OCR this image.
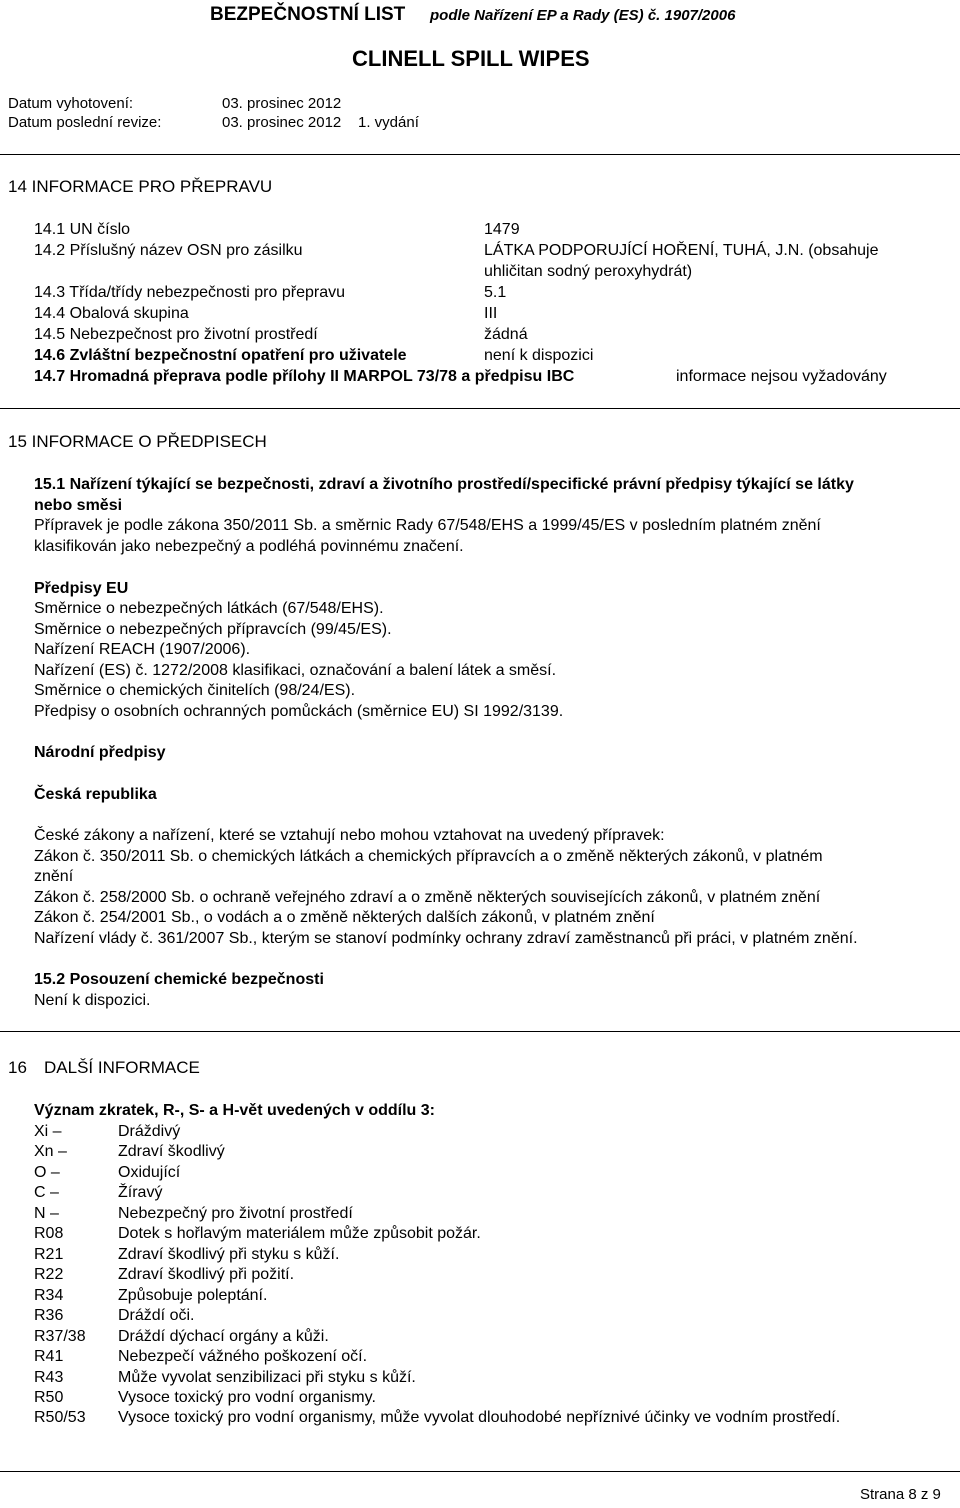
BEZPEČNOSTNÍ LIST podle Nařízení EP a Rady (ES) č. 1907/2006
CLINELL SPILL WIPES
Datum vyhotovení:	03. prosinec 2012
Datum poslední revize:	03. prosinec 2012 1. vydání
14 INFORMACE PRO PŘEPRAVU
14.1 UN číslo	1479
14.2 Příslušný název OSN pro zásilku	LÁTKA PODPORUJÍCÍ HOŘENÍ, TUHÁ, J.N. (obsahuje
uhličitan sodný peroxyhydrát)
14.3 Třída/třídy nebezpečnosti pro přepravu	5.1
14.4 Obalová skupina	III
14.5 Nebezpečnost pro životní prostředí	žádná
14.6 Zvláštní bezpečnostní opatření pro uživatele	není k dispozici
14.7 Hromadná přeprava podle přílohy II MARPOL 73/78 a předpisu IBC	informace nejsou vyžadovány
15 INFORMACE O PŘEDPISECH
15.1 Nařízení týkající se bezpečnosti, zdraví a životního prostředí/specifické právní předpisy týkající se látky
nebo směsi
Přípravek je podle zákona 350/2011 Sb. a směrnic Rady 67/548/EHS a 1999/45/ES v posledním platném znění
klasifikován jako nebezpečný a podléhá povinnému značení.
Předpisy EU
Směrnice o nebezpečných látkách (67/548/EHS).
Směrnice o nebezpečných přípravcích (99/45/ES).
Nařízení REACH (1907/2006).
Nařízení (ES) č. 1272/2008 klasifikaci, označování a balení látek a směsí.
Směrnice o chemických činitelích (98/24/ES).
Předpisy o osobních ochranných pomůckách (směrnice EU) SI 1992/3139.
Národní předpisy
Česká republika
České zákony a nařízení, které se vztahují nebo mohou vztahovat na uvedený přípravek:
Zákon č. 350/2011 Sb. o chemických látkách a chemických přípravcích a o změně některých zákonů, v platném
znění
Zákon č. 258/2000 Sb. o ochraně veřejného zdraví a o změně některých souvisejících zákonů, v platném znění
Zákon č. 254/2001 Sb., o vodách a o změně některých dalších zákonů, v platném znění
Nařízení vlády č. 361/2007 Sb., kterým se stanoví podmínky ochrany zdraví zaměstnanců při práci, v platném znění.
15.2 Posouzení chemické bezpečnosti
Není k dispozici.
16 DALŠÍ INFORMACE
Význam zkratek, R-, S- a H-vět uvedených v oddílu 3:
Xi –	Dráždivý
Xn –	Zdraví škodlivý
O –	Oxidující
C –	Žíravý
N –	Nebezpečný pro životní prostředí
R08	Dotek s hořlavým materiálem může způsobit požár.
R21	Zdraví škodlivý při styku s kůží.
R22	Zdraví škodlivý při požití.
R34	Způsobuje poleptání.
R36	Dráždí oči.
R37/38 Dráždí dýchací orgány a kůži.
R41	Nebezpečí vážného poškození očí.
R43	Může vyvolat senzibilizaci při styku s kůží.
R50	Vysoce toxický pro vodní organismy.
R50/53 Vysoce toxický pro vodní organismy, může vyvolat dlouhodobé nepříznivé účinky ve vodním prostředí.
Strana 8 z 9
